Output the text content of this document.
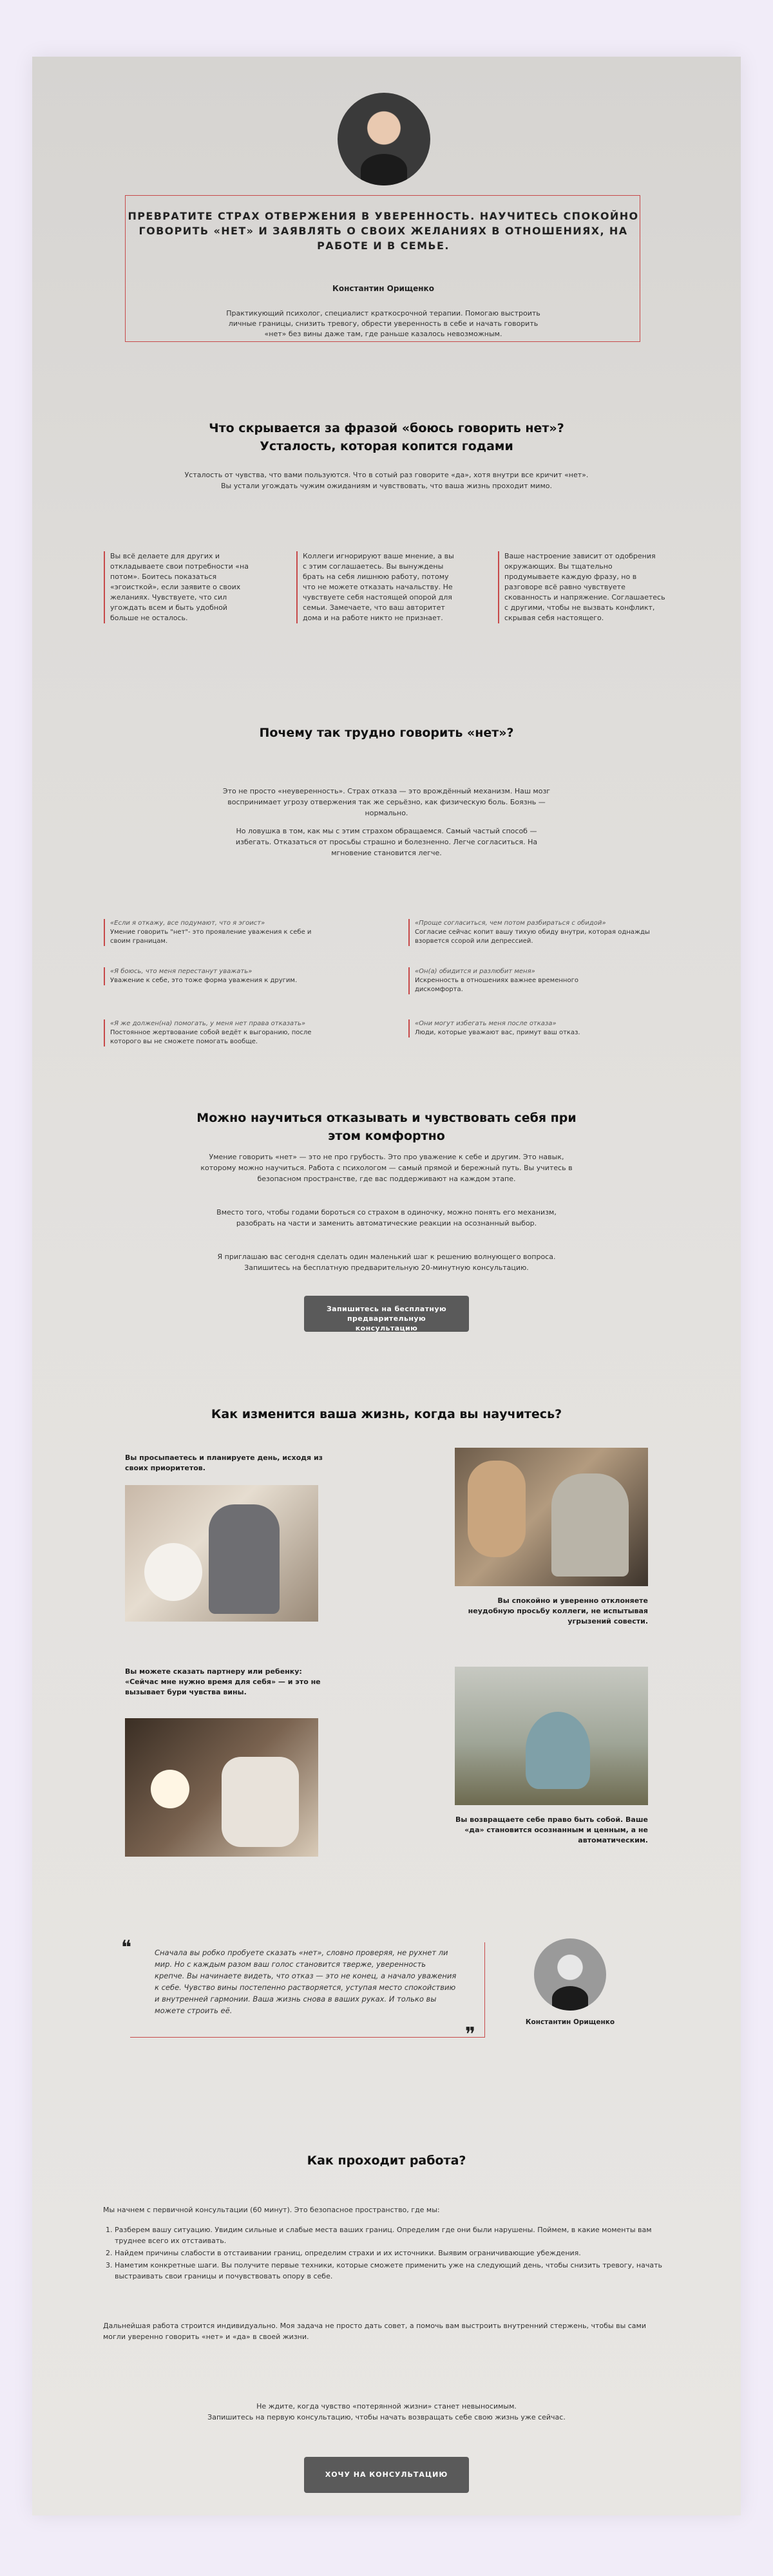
ПРЕВРАТИТЕ СТРАХ ОТВЕРЖЕНИЯ В УВЕРЕННОСТЬ. НАУЧИТЕСЬ СПОКОЙНО ГОВОРИТЬ «НЕТ» И ЗАЯВЛЯТЬ О СВОИХ ЖЕЛАНИЯХ В ОТНОШЕНИЯХ, НА РАБОТЕ И В СЕМЬЕ.
Константин Орищенко
Практикующий психолог, специалист краткосрочной терапии. Помогаю выстроить личные границы, снизить тревогу, обрести уверенность в себе и начать говорить «нет» без вины даже там, где раньше казалось невозможным.
Что скрывается за фразой «боюсь говорить нет»? Усталость, которая копится годами
Усталость от чувства, что вами пользуются. Что в сотый раз говорите «да», хотя внутри все кричит «нет». Вы устали угождать чужим ожиданиям и чувствовать, что ваша жизнь проходит мимо.
Вы всё делаете для других и откладываете свои потребности «на потом». Боитесь показаться «эгоисткой», если заявите о своих желаниях. Чувствуете, что сил угождать всем и быть удобной больше не осталось.
Коллеги игнорируют ваше мнение, а вы с этим соглашаетесь. Вы вынуждены брать на себя лишнюю работу, потому что не можете отказать начальству. Не чувствуете себя настоящей опорой для семьи. Замечаете, что ваш авторитет дома и на работе никто не признает.
Ваше настроение зависит от одобрения окружающих. Вы тщательно продумываете каждую фразу, но в разговоре всё равно чувствуете скованность и напряжение. Соглашаетесь с другими, чтобы не вызвать конфликт, скрывая себя настоящего.
Почему так трудно говорить «нет»?
Это не просто «неуверенность». Страх отказа — это врождённый механизм. Наш мозг воспринимает угрозу отвержения так же серьёзно, как физическую боль. Боязнь — нормально.
Но ловушка в том, как мы с этим страхом обращаемся. Самый частый способ — избегать. Отказаться от просьбы страшно и болезненно. Легче согласиться. На мгновение становится легче.
«Если я откажу, все подумают, что я эгоист»
Умение говорить "нет"- это проявление уважения к себе и своим границам.
«Проще согласиться, чем потом разбираться с обидой»
Согласие сейчас копит вашу тихую обиду внутри, которая однажды взорвется ссорой или депрессией.
«Я боюсь, что меня перестанут уважать»
Уважение к себе, это тоже форма уважения к другим.
«Он(а) обидится и разлюбит меня»
Искренность в отношениях важнее временного дискомфорта.
«Я же должен(на) помогать, у меня нет права отказать»
Постоянное жертвование собой ведёт к выгоранию, после которого вы не сможете помогать вообще.
«Они могут избегать меня после отказа»
Люди, которые уважают вас, примут ваш отказ.
Можно научиться отказывать и чувствовать себя при этом комфортно
Умение говорить «нет» — это не про грубость. Это про уважение к себе и другим. Это навык, которому можно научиться. Работа с психологом — самый прямой и бережный путь. Вы учитесь в безопасном пространстве, где вас поддерживают на каждом этапе.
Вместо того, чтобы годами бороться со страхом в одиночку, можно понять его механизм, разобрать на части и заменить автоматические реакции на осознанный выбор.
Я приглашаю вас сегодня сделать один маленький шаг к решению волнующего вопроса. Запишитесь на бесплатную предварительную 20-минутную консультацию.
Запишитесь на бесплатную предварительную консультацию
Как изменится ваша жизнь, когда вы научитесь?
Вы просыпаетесь и планируете день, исходя из своих приоритетов.
Вы спокойно и уверенно отклоняете неудобную просьбу коллеги, не испытывая угрызений совести.
Вы можете сказать партнеру или ребенку: «Сейчас мне нужно время для себя» — и это не вызывает бури чувства вины.
Вы возвращаете себе право быть собой. Ваше «да» становится осознанным и ценным, а не автоматическим.
❝	Сначала вы робко пробуете сказать «нет», словно проверяя, не рухнет ли мир. Но с каждым разом ваш голос становится тверже, уверенность крепче. Вы начинаете видеть, что отказ — это не конец, а начало уважения к себе. Чувство вины постепенно растворяется, уступая место спокойствию и внутренней гармонии. Ваша жизнь снова в ваших руках. И только вы можете строить её.
❞
Константин Орищенко
Как проходит работа?
Мы начнем с первичной консультации (60 минут). Это безопасное пространство, где мы:
1. Разберем вашу ситуацию. Увидим сильные и слабые места ваших границ. Определим где они были нарушены. Поймем, в какие моменты вам труднее всего их отстаивать.
2. Найдем причины слабости в отстаивании границ, определим страхи и их источники. Выявим ограничивающие убеждения.
3. Наметим конкретные шаги. Вы получите первые техники, которые сможете применить уже на следующий день, чтобы снизить тревогу, начать выстраивать свои границы и почувствовать опору в себе.
Дальнейшая работа строится индивидуально. Моя задача не просто дать совет, а помочь вам выстроить внутренний стержень, чтобы вы сами могли уверенно говорить «нет» и «да» в своей жизни.
Не ждите, когда чувство «потерянной жизни» станет невыносимым.
Запишитесь на первую консультацию, чтобы начать возвращать себе свою жизнь уже сейчас.
ХОЧУ НА КОНСУЛЬТАЦИЮ
